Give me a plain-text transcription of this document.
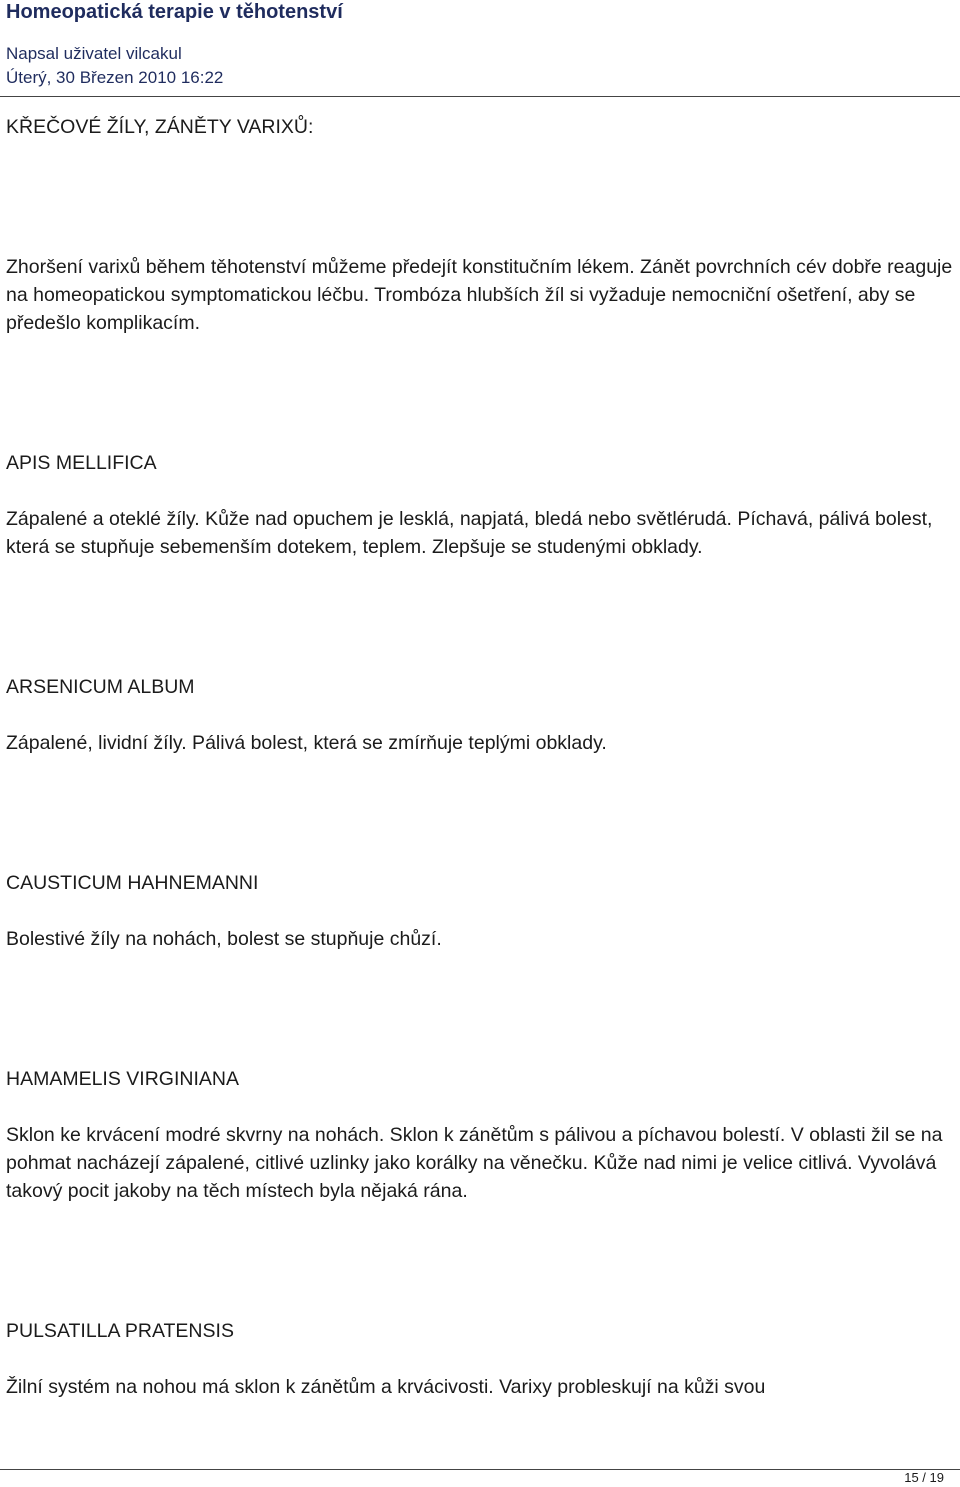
Homeopatická terapie v těhotenství
Napsal uživatel vilcakul
Úterý, 30 Březen 2010 16:22
KŘEČOVÉ ŽÍLY, ZÁNĚTY VARIXŮ:
Zhoršení varixů během těhotenství můžeme předejít konstitučním lékem. Zánět povrchních cév dobře reaguje na homeopatickou symptomatickou léčbu. Trombóza hlubších žíl si vyžaduje nemocniční ošetření, aby se předešlo komplikacím.
APIS MELLIFICA
Zápalené a oteklé žíly. Kůže nad opuchem je lesklá, napjatá, bledá nebo světlérudá. Píchavá, pálivá bolest, která se stupňuje sebemenším dotekem, teplem. Zlepšuje se studenými obklady.
ARSENICUM ALBUM
Zápalené, lividní žíly. Pálivá bolest, která se zmírňuje teplými obklady.
CAUSTICUM HAHNEMANNI
Bolestivé žíly na nohách, bolest se stupňuje chůzí.
HAMAMELIS VIRGINIANA
Sklon ke krvácení modré skvrny na nohách. Sklon k zánětům s pálivou a píchavou bolestí. V oblasti žil se na pohmat nacházejí zápalené, citlivé uzlinky jako korálky na věnečku. Kůže nad nimi je velice citlivá. Vyvolává takový pocit jakoby na těch místech byla nějaká rána.
PULSATILLA PRATENSIS
Žilní systém na nohou má sklon k zánětům a krvácivosti. Varixy probleskují na kůži svou
15 / 19
